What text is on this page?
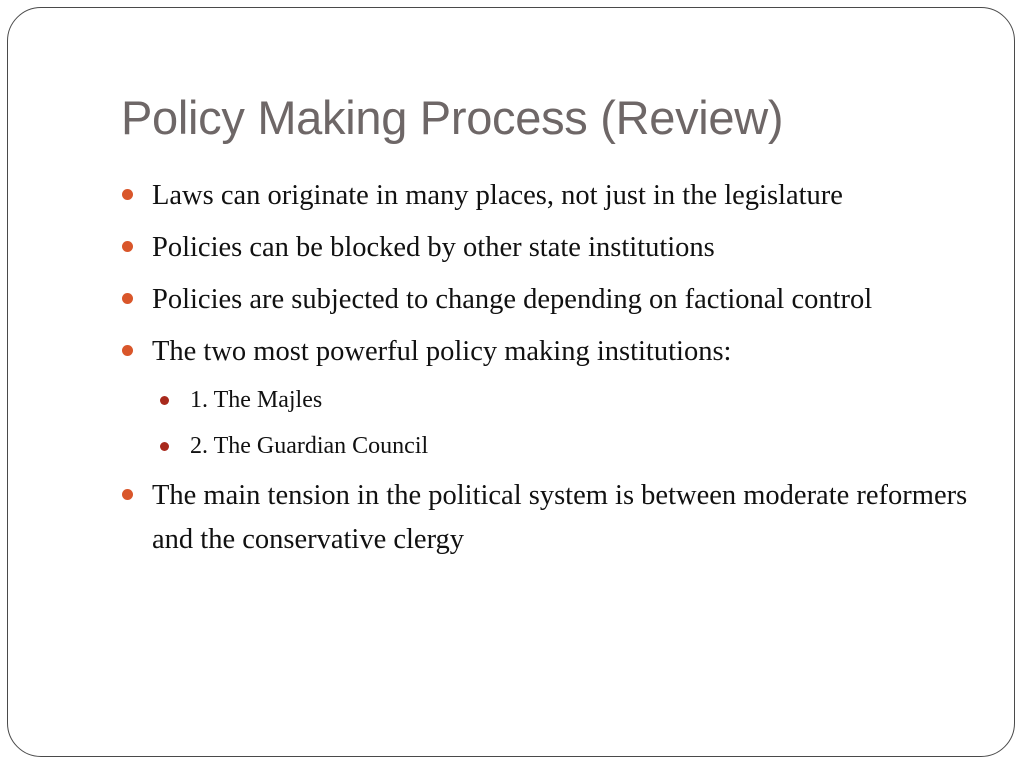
Policy Making Process (Review)
Laws can originate in many places, not just in the legislature
Policies can be blocked by other state institutions
Policies are subjected to change depending on factional control
The two most powerful policy making institutions:
1. The Majles
2. The Guardian Council
The main tension in the political system is between moderate reformers and the conservative clergy
